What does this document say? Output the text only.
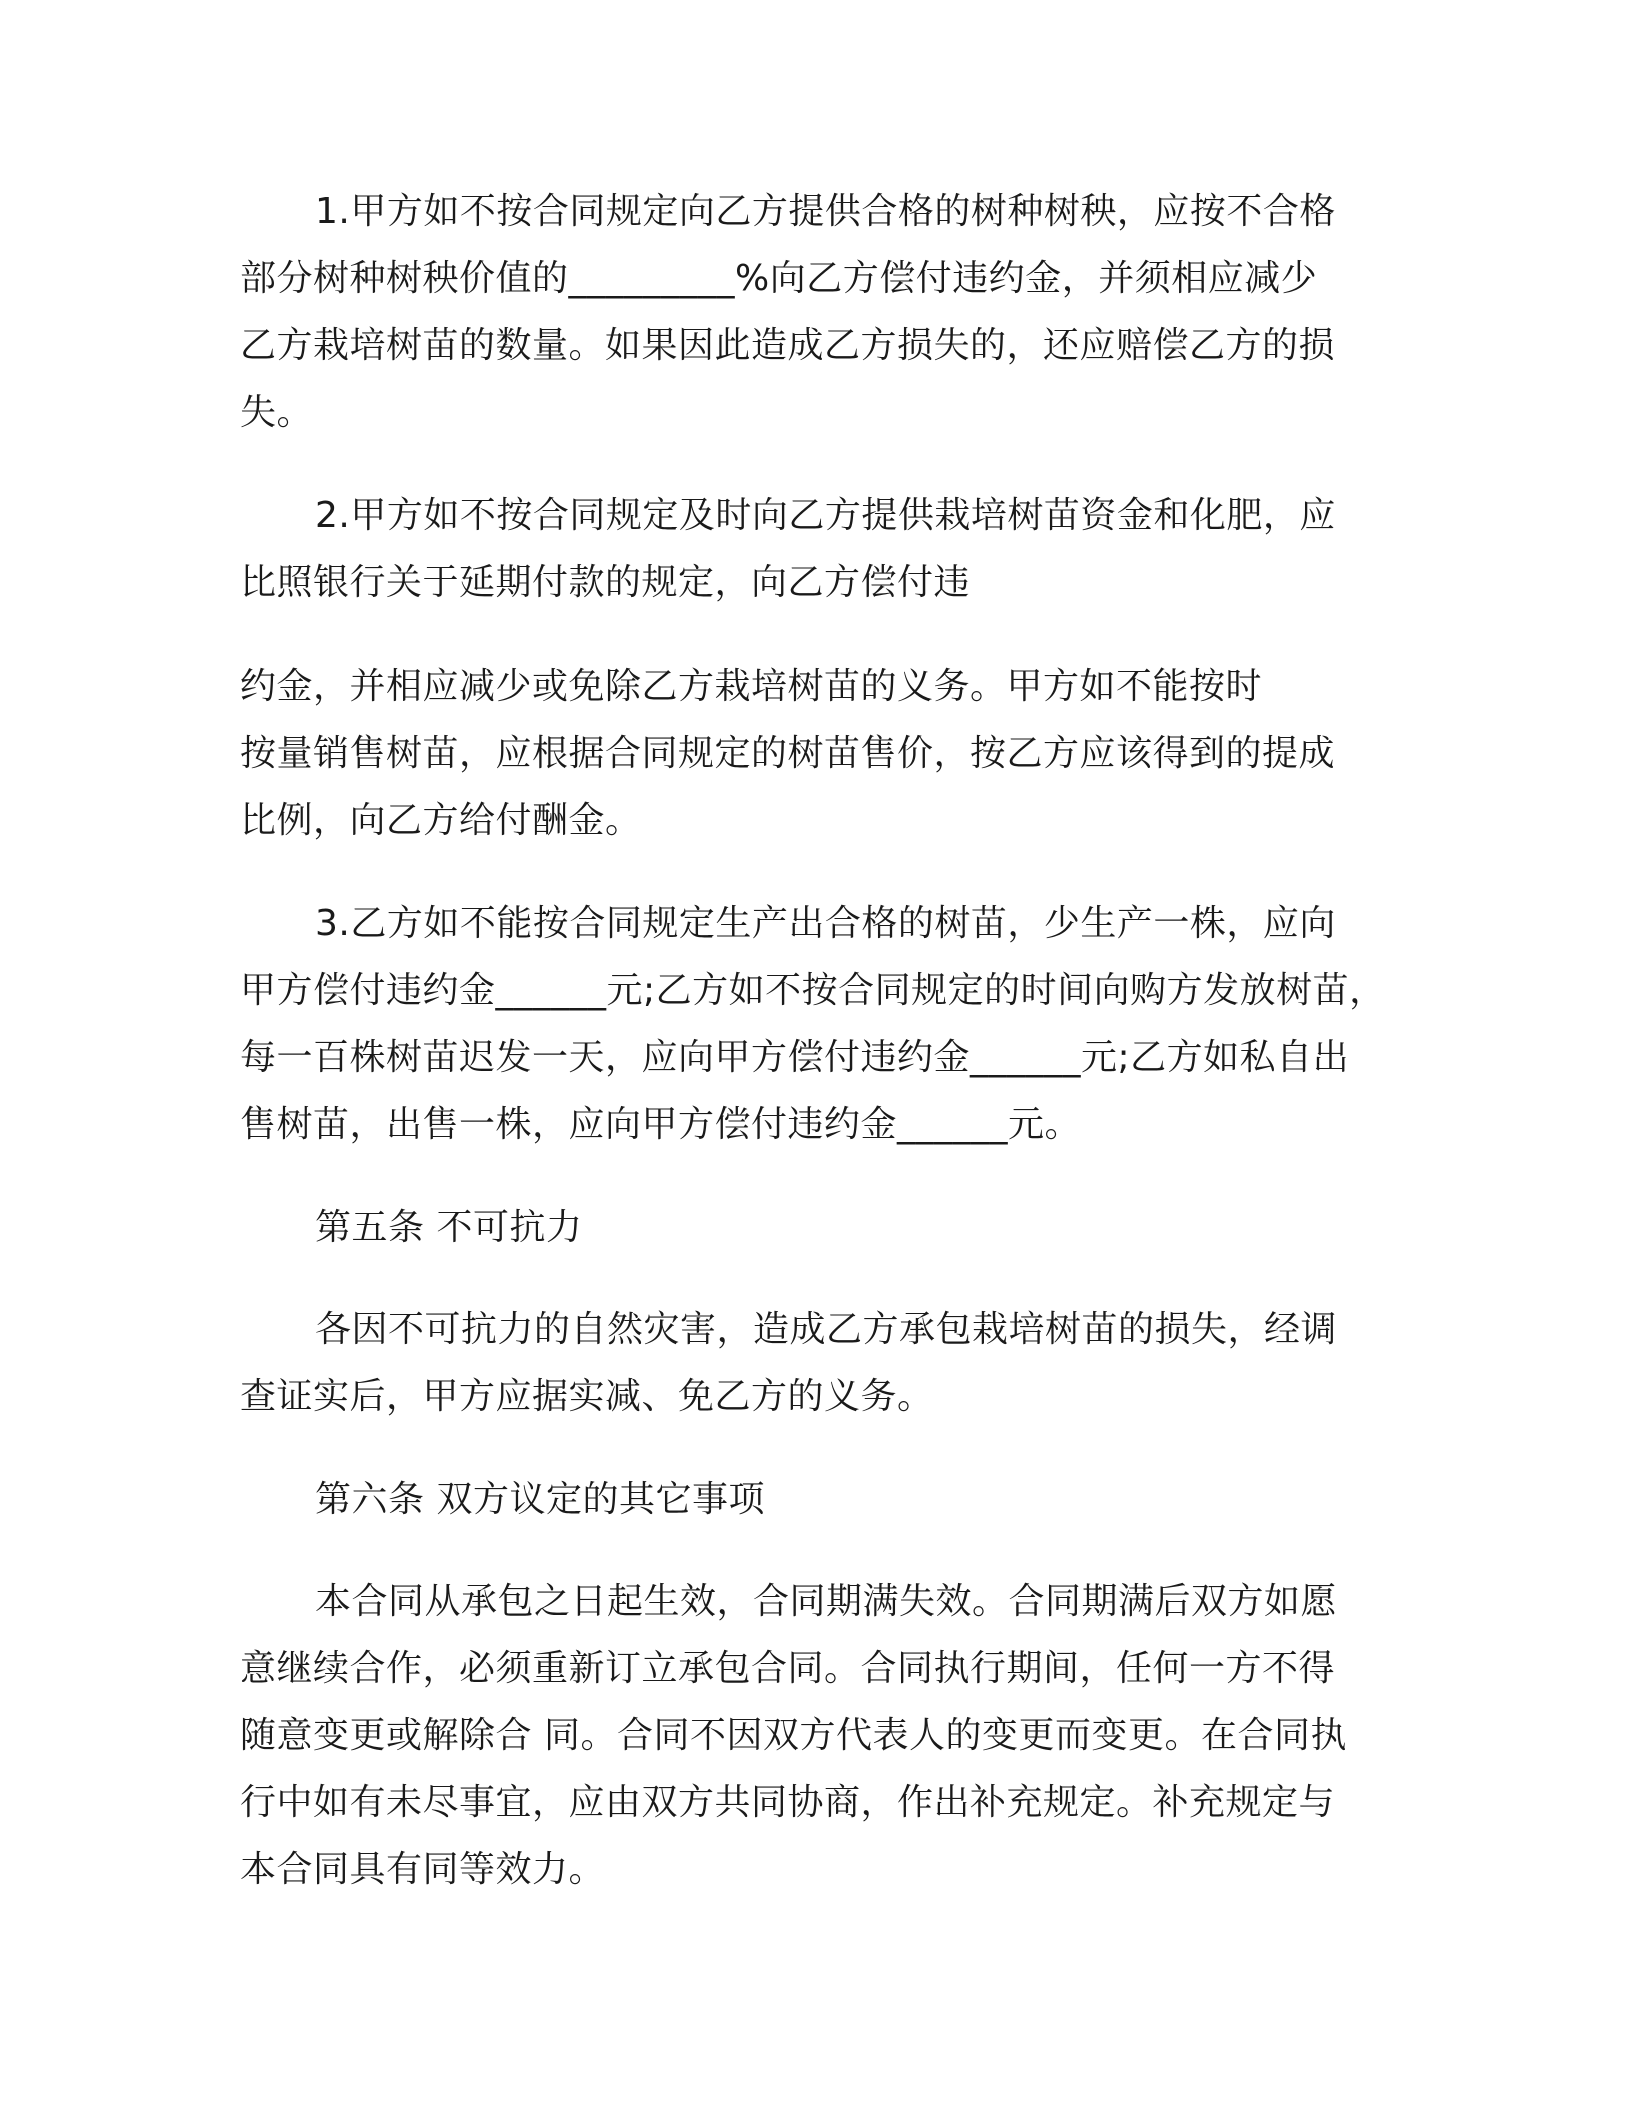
1.甲方如不按合同规定向乙方提供合格的树种树秧，应按不合格
部分树种树秧价值的_________%向乙方偿付违约金，并须相应减少
乙方栽培树苗的数量。如果因此造成乙方损失的，还应赔偿乙方的损
失。
2.甲方如不按合同规定及时向乙方提供栽培树苗资金和化肥，应
比照银行关于延期付款的规定，向乙方偿付违
约金，并相应减少或免除乙方栽培树苗的义务。甲方如不能按时
按量销售树苗，应根据合同规定的树苗售价，按乙方应该得到的提成
比例，向乙方给付酬金。
3.乙方如不能按合同规定生产出合格的树苗，少生产一株，应向
甲方偿付违约金______元;乙方如不按合同规定的时间向购方发放树苗，
每一百株树苗迟发一天，应向甲方偿付违约金______元;乙方如私自出
售树苗，出售一株，应向甲方偿付违约金______元。
第五条 不可抗力
各因不可抗力的自然灾害，造成乙方承包栽培树苗的损失，经调
查证实后，甲方应据实减、免乙方的义务。
第六条 双方议定的其它事项
本合同从承包之日起生效，合同期满失效。合同期满后双方如愿
意继续合作，必须重新订立承包合同。合同执行期间，任何一方不得
随意变更或解除合 同。合同不因双方代表人的变更而变更。在合同执
行中如有未尽事宜，应由双方共同协商，作出补充规定。补充规定与
本合同具有同等效力。
